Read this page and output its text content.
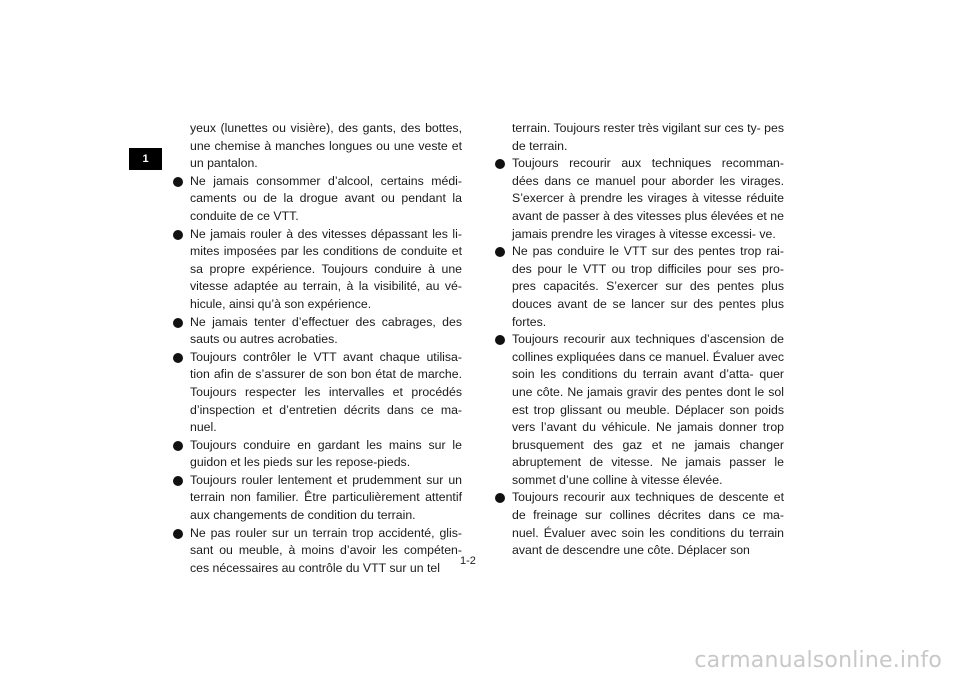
1

yeux (lunettes ou visière), des gants, des bottes, une chemise à manches longues ou une veste et un pantalon.

Ne jamais consommer d’alcool, certains médi- caments ou de la drogue avant ou pendant la conduite de ce VTT.
Ne jamais rouler à des vitesses dépassant les li- mites imposées par les conditions de conduite et sa propre expérience. Toujours conduire à une vitesse adaptée au terrain, à la visibilité, au vé- hicule, ainsi qu’à son expérience.
Ne jamais tenter d’effectuer des cabrages, des sauts ou autres acrobaties.
Toujours contrôler le VTT avant chaque utilisa- tion afin de s’assurer de son bon état de marche. Toujours respecter les intervalles et procédés d’inspection et d’entretien décrits dans ce ma- nuel.
Toujours conduire en gardant les mains sur le guidon et les pieds sur les repose-pieds.
Toujours rouler lentement et prudemment sur un terrain non familier. Être particulièrement attentif aux changements de condition du terrain.
Ne pas rouler sur un terrain trop accidenté, glis- sant ou meuble, à moins d’avoir les compéten- ces nécessaires au contrôle du VTT sur un tel

terrain. Toujours rester très vigilant sur ces ty- pes de terrain.

Toujours recourir aux techniques recomman- dées dans ce manuel pour aborder les virages. S’exercer à prendre les virages à vitesse réduite avant de passer à des vitesses plus élevées et ne jamais prendre les virages à vitesse excessi- ve.
Ne pas conduire le VTT sur des pentes trop rai- des pour le VTT ou trop difficiles pour ses pro- pres capacités. S’exercer sur des pentes plus douces avant de se lancer sur des pentes plus fortes.
Toujours recourir aux techniques d’ascension de collines expliquées dans ce manuel. Évaluer avec soin les conditions du terrain avant d’atta- quer une côte. Ne jamais gravir des pentes dont le sol est trop glissant ou meuble. Déplacer son poids vers l’avant du véhicule. Ne jamais donner trop brusquement des gaz et ne jamais changer abruptement de vitesse. Ne jamais passer le sommet d’une colline à vitesse élevée.
Toujours recourir aux techniques de descente et de freinage sur collines décrites dans ce ma- nuel. Évaluer avec soin les conditions du terrain avant de descendre une côte. Déplacer son
1-2
carmanualsonline.info
